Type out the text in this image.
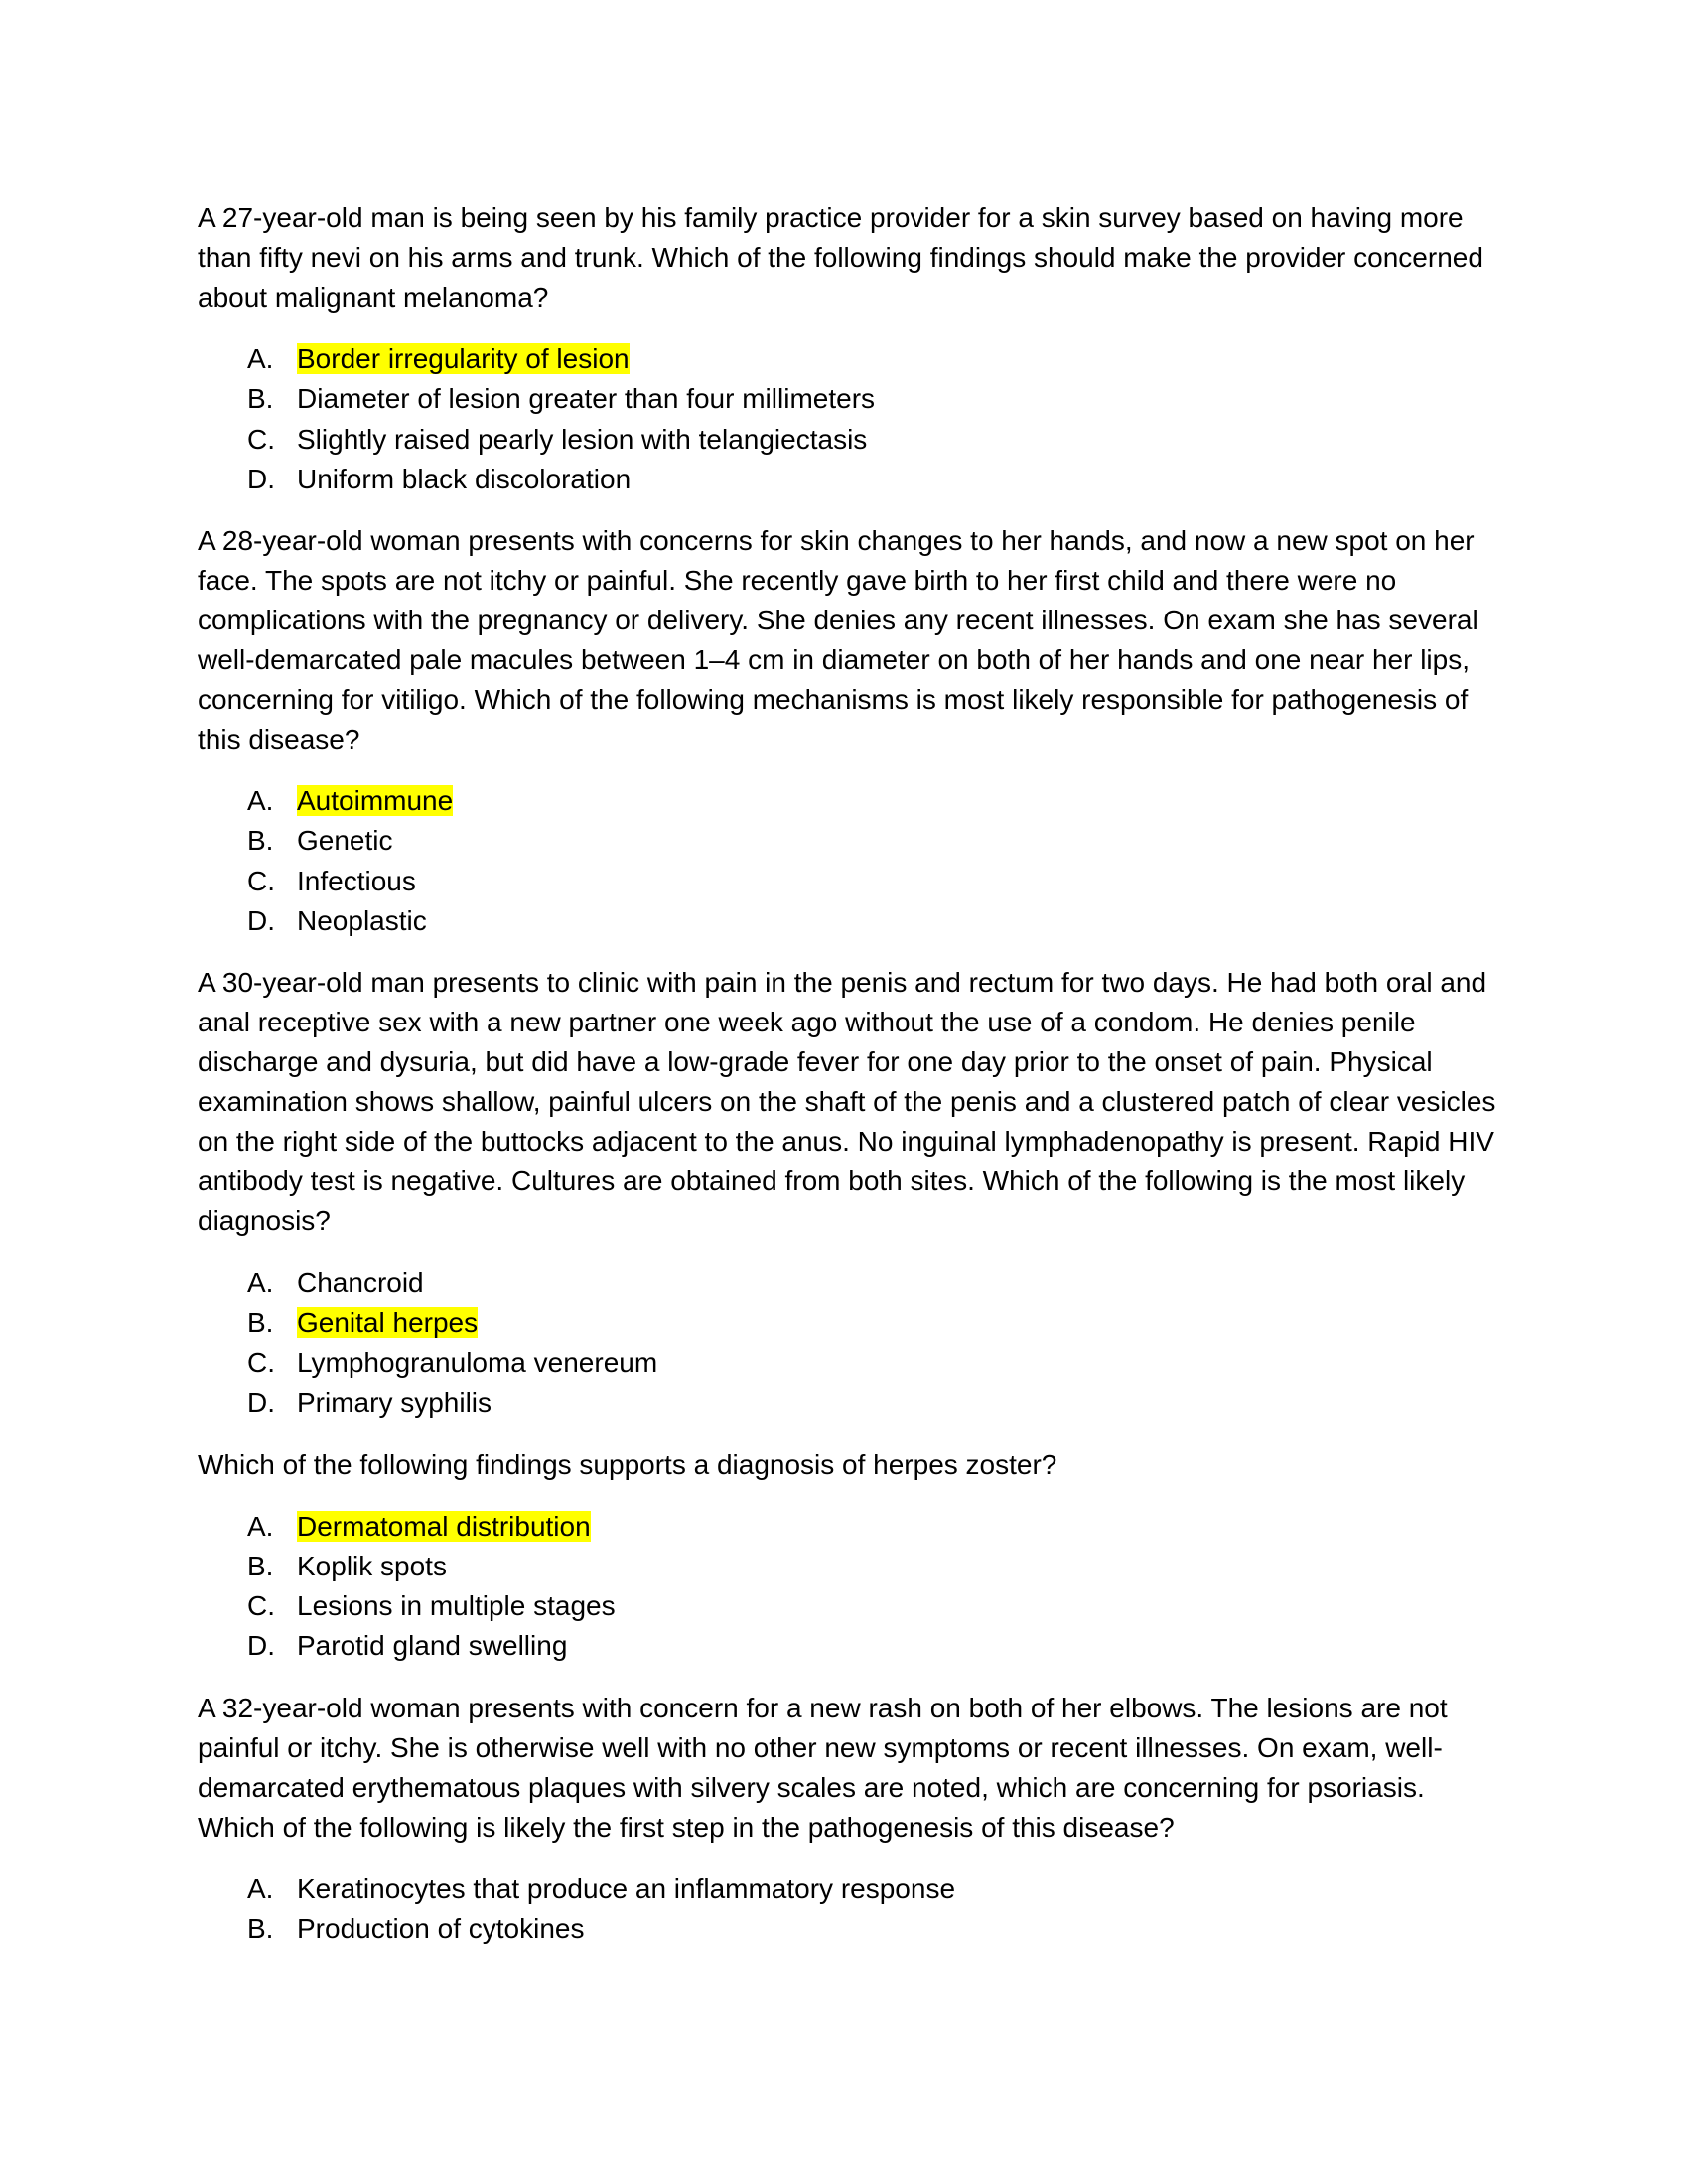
A 27-year-old man is being seen by his family practice provider for a skin survey based on having more than fifty nevi on his arms and trunk. Which of the following findings should make the provider concerned about malignant melanoma?

A. Border irregularity of lesion
B. Diameter of lesion greater than four millimeters
C. Slightly raised pearly lesion with telangiectasis
D. Uniform black discoloration

A 28-year-old woman presents with concerns for skin changes to her hands, and now a new spot on her face. The spots are not itchy or painful. She recently gave birth to her first child and there were no complications with the pregnancy or delivery. She denies any recent illnesses. On exam she has several well-demarcated pale macules between 1–4 cm in diameter on both of her hands and one near her lips, concerning for vitiligo. Which of the following mechanisms is most likely responsible for pathogenesis of this disease?

A. Autoimmune
B. Genetic
C. Infectious
D. Neoplastic

A 30-year-old man presents to clinic with pain in the penis and rectum for two days. He had both oral and anal receptive sex with a new partner one week ago without the use of a condom. He denies penile discharge and dysuria, but did have a low-grade fever for one day prior to the onset of pain. Physical examination shows shallow, painful ulcers on the shaft of the penis and a clustered patch of clear vesicles on the right side of the buttocks adjacent to the anus. No inguinal lymphadenopathy is present. Rapid HIV antibody test is negative. Cultures are obtained from both sites. Which of the following is the most likely diagnosis?

A. Chancroid
B. Genital herpes
C. Lymphogranuloma venereum
D. Primary syphilis

Which of the following findings supports a diagnosis of herpes zoster?

A. Dermatomal distribution
B. Koplik spots
C. Lesions in multiple stages
D. Parotid gland swelling

A 32-year-old woman presents with concern for a new rash on both of her elbows. The lesions are not painful or itchy. She is otherwise well with no other new symptoms or recent illnesses. On exam, well-demarcated erythematous plaques with silvery scales are noted, which are concerning for psoriasis. Which of the following is likely the first step in the pathogenesis of this disease?

A. Keratinocytes that produce an inflammatory response
B. Production of cytokines
